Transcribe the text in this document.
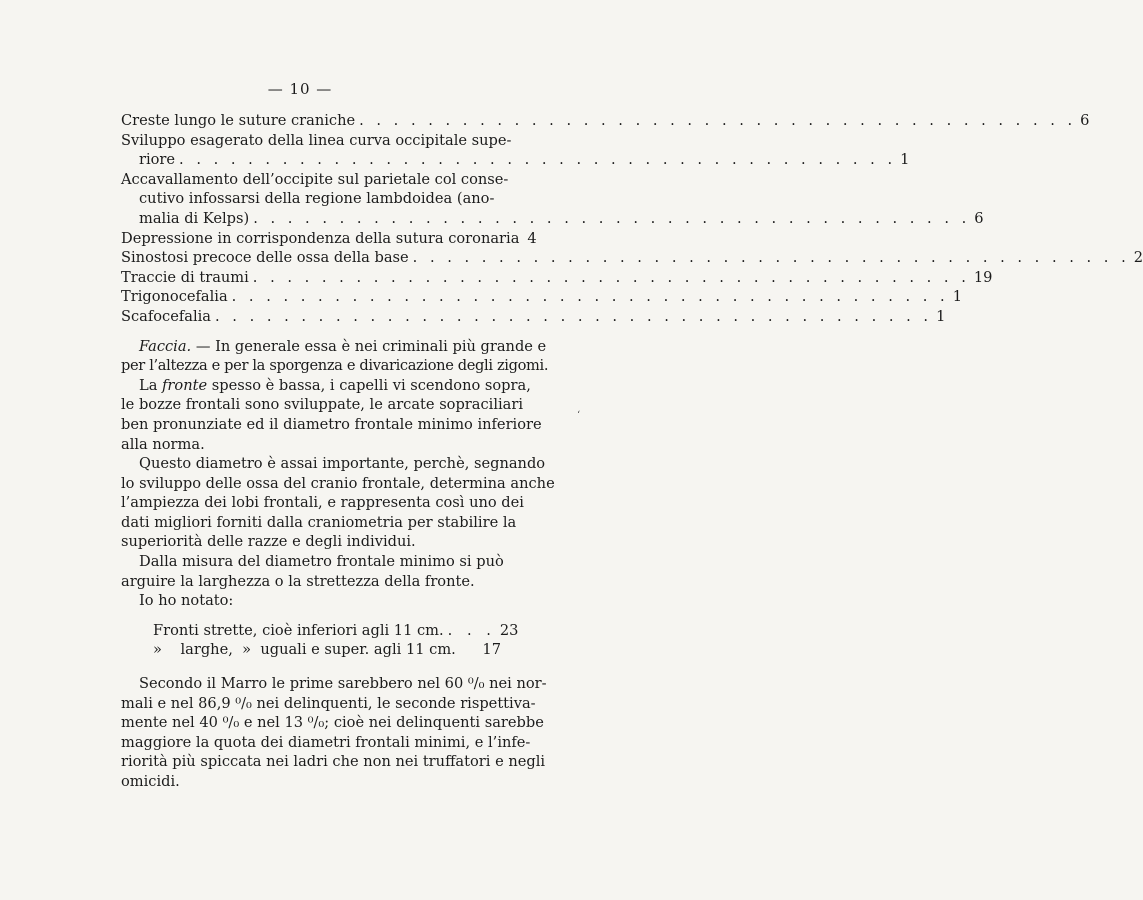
— 10 —
Creste lungo le suture craniche . . . . . . . . . . . . . . . . . . . . . . . . . . . . . . . . . . . . . . . . . . 6
Sviluppo esagerato della linea curva occipitale supe-
riore . . . . . . . . . . . . . . . . . . . . . . . . . . . . . . . . . . . . . . . . . . 1
Accavallamento dell’occipite sul parietale col conse-
cutivo infossarsi della regione lambdoidea (ano-
malia di Kelps) . . . . . . . . . . . . . . . . . . . . . . . . . . . . . . . . . . . . . . . . . . 6
Depressione in corrispondenza della sutura coronaria 4
Sinostosi precoce delle ossa della base . . . . . . . . . . . . . . . . . . . . . . . . . . . . . . . . . . . . . . . . . . 2
Traccie di traumi . . . . . . . . . . . . . . . . . . . . . . . . . . . . . . . . . . . . . . . . . . 19
Trigonocefalia . . . . . . . . . . . . . . . . . . . . . . . . . . . . . . . . . . . . . . . . . . 1
Scafocefalia . . . . . . . . . . . . . . . . . . . . . . . . . . . . . . . . . . . . . . . . . . 1
Faccia. — In generale essa è nei criminali più grande e
per l’altezza e per la sporgenza e divaricazione degli zigomi.
La fronte spesso è bassa, i capelli vi scendono sopra,
le bozze frontali sono sviluppate, le arcate sopraciliari
ben pronunziate ed il diametro frontale minimo inferiore
alla norma.
Questo diametro è assai importante, perchè, segnando
lo sviluppo delle ossa del cranio frontale, determina anche
l’ampiezza dei lobi frontali, e rappresenta così uno dei
dati migliori forniti dalla craniometria per stabilire la
superiorità delle razze e degli individui.
Dalla misura del diametro frontale minimo si può
arguire la larghezza o la strettezza della fronte.
Io ho notato:
Fronti strette, cioè inferiori agli 11 cm. . . . 23
»    larghe,  »  uguali e super. agli 11 cm. 17
Secondo il Marro le prime sarebbero nel 60 ⁰/₀ nei nor-
mali e nel 86,9 ⁰/₀ nei delinquenti, le seconde rispettiva-
mente nel 40 ⁰/₀ e nel 13 ⁰/₀; cioè nei delinquenti sarebbe
maggiore la quota dei diametri frontali minimi, e l’infe-
riorità più spiccata nei ladri che non nei truffatori e negli
omicidi.
‘
